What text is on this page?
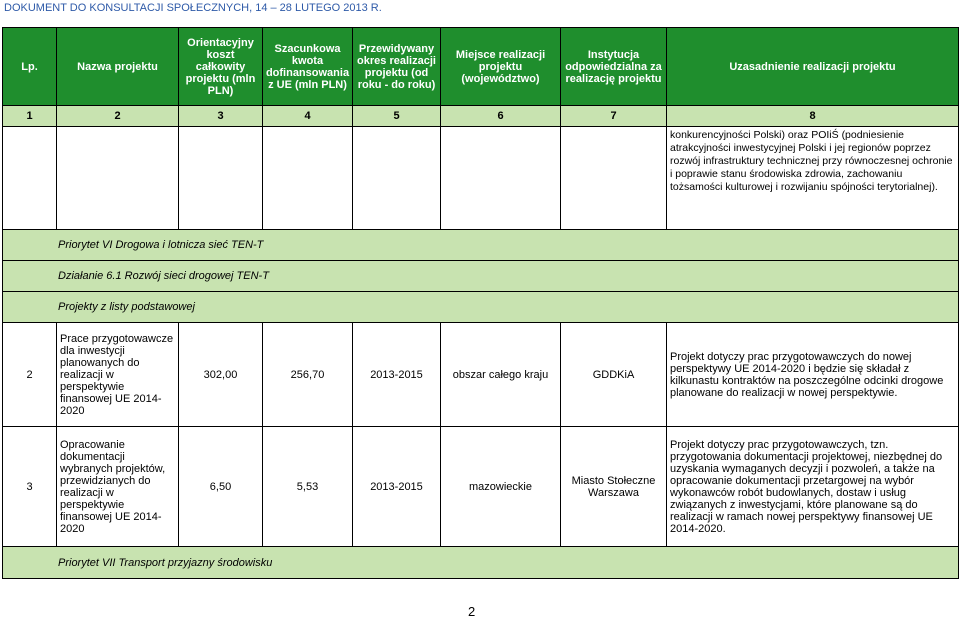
DOKUMENT DO KONSULTACJI SPOŁECZNYCH, 14 – 28 LUTEGO 2013 R.
Lp.	Nazwa projektu	Orientacyjny koszt całkowity projektu (mln PLN)	Szacunkowa kwota dofinansowania z UE (mln PLN)	Przewidywany okres realizacji projektu (od roku - do roku)	Miejsce realizacji projektu (województwo)	Instytucja odpowiedzialna za realizację projektu	Uzasadnienie realizacji projektu
1	2	3	4	5	6	7	8
							konkurencyjności Polski) oraz POIiŚ (podniesienie atrakcyjności inwestycyjnej Polski i jej regionów poprzez rozwój infrastruktury technicznej przy równoczesnej ochronie i poprawie stanu środowiska zdrowia, zachowaniu tożsamości kulturowej i rozwijaniu spójności terytorialnej).
Priorytet VI Drogowa i lotnicza sieć TEN-T							
Działanie 6.1 Rozwój sieci drogowej TEN-T							
Projekty z listy podstawowej							
2	Prace przygotowawcze dla inwestycji planowanych do realizacji w perspektywie finansowej UE 2014-2020	302,00	256,70	2013-2015	obszar całego kraju	GDDKiA	Projekt dotyczy prac przygotowawczych do nowej perspektywy UE 2014-2020 i będzie się składał z kilkunastu kontraktów na poszczególne odcinki drogowe planowane do realizacji w nowej perspektywie.
3	Opracowanie dokumentacji wybranych projektów, przewidzianych do realizacji w perspektywie finansowej UE 2014-2020	6,50	5,53	2013-2015	mazowieckie	Miasto Stołeczne Warszawa	Projekt dotyczy prac przygotowawczych, tzn. przygotowania dokumentacji projektowej, niezbędnej do uzyskania wymaganych decyzji i pozwoleń, a także na opracowanie dokumentacji przetargowej na wybór wykonawców robót budowlanych, dostaw i usług związanych z inwestycjami, które planowane są do realizacji w ramach nowej perspektywy finansowej UE 2014-2020.
Priorytet VII Transport przyjazny środowisku							
2
